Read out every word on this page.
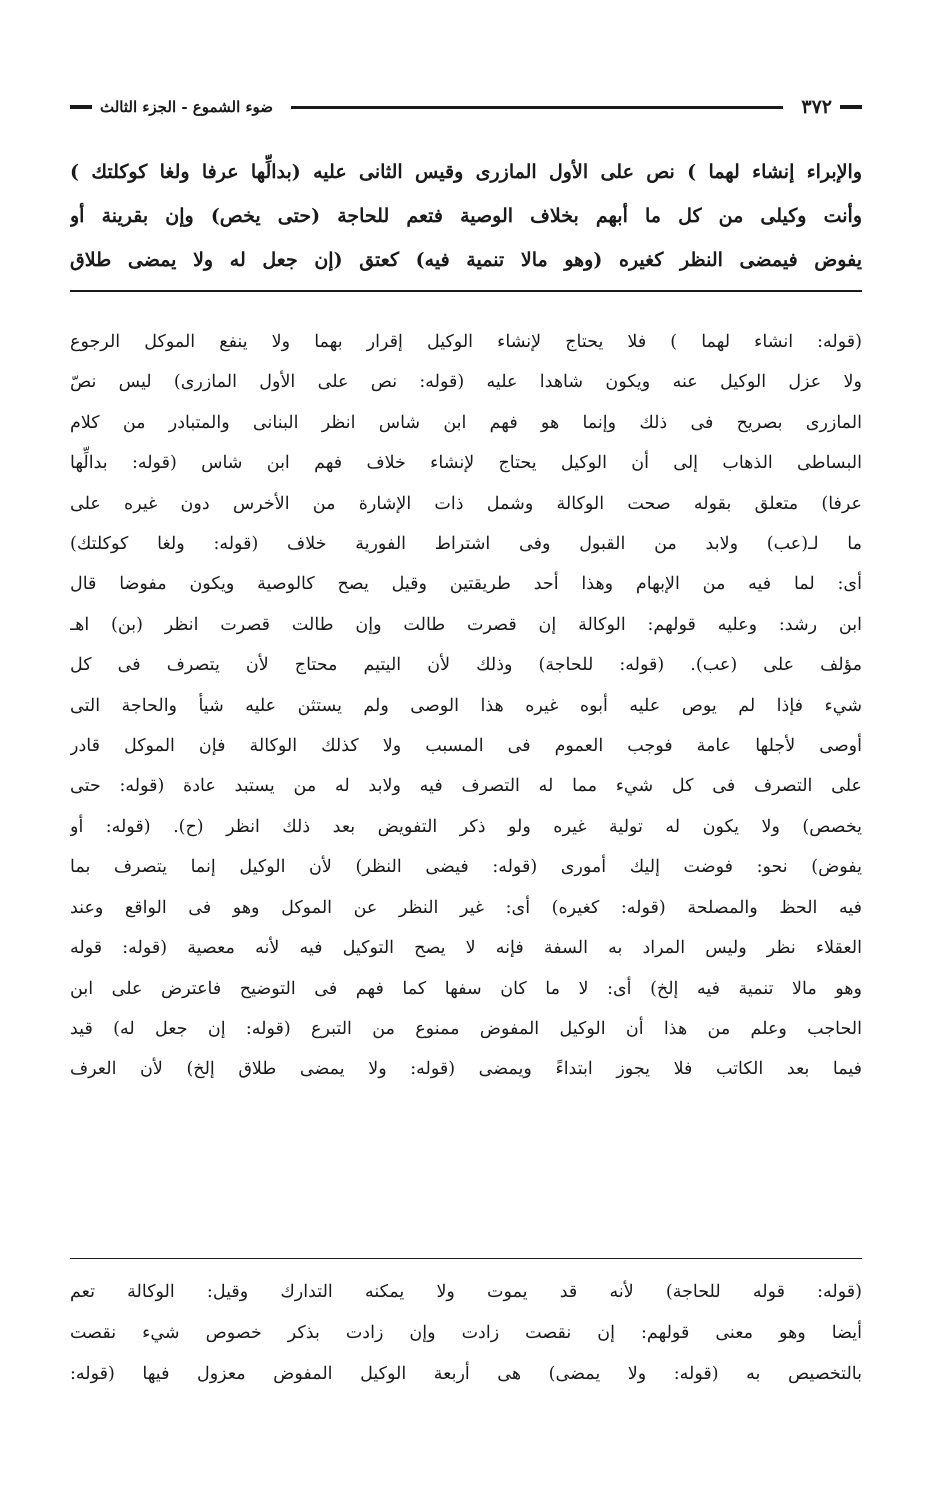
٣٧٢
ضوء الشموع - الجزء الثالث
والإبراء إنشاء لهما ) نص على الأول المازرى وقيس الثانى عليه (بدالِّها عرفا ولغا كوكلتك )
وأنت وكيلى من كل ما أبهم بخلاف الوصية فتعم للحاجة (حتى يخص) وإن بقرينة أو
يفوض فيمضى النظر كغيره (وهو مالا تنمية فيه) كعتق (إن جعل له ولا يمضى طلاق
(قوله: انشاء لهما ) فلا يحتاج لإنشاء الوكيل إقرار بهما ولا ينفع الموكل الرجوع
ولا عزل الوكيل عنه ويكون شاهدا عليه (قوله: نص على الأول المازرى) ليس نصّ
المازرى بصريح فى ذلك وإنما هو فهم ابن شاس انظر البنانى والمتبادر من كلام
البساطى الذهاب إلى أن الوكيل يحتاج لإنشاء خلاف فهم ابن شاس (قوله: بدالِّها
عرفا) متعلق بقوله صحت الوكالة وشمل ذات الإشارة من الأخرس دون غيره على
ما لـ(عب) ولابد من القبول وفى اشتراط الفورية خلاف (قوله: ولغا كوكلتك)
أى: لما فيه من الإبهام وهذا أحد طريقتين وقيل يصح كالوصية ويكون مفوضا قال
ابن رشد: وعليه قولهم: الوكالة إن قصرت طالت وإن طالت قصرت انظر (بن) اهـ
مؤلف على (عب). (قوله: للحاجة) وذلك لأن اليتيم محتاج لأن يتصرف فى كل
شيء فإذا لم يوص عليه أبوه غيره هذا الوصى ولم يستثن عليه شيأ والحاجة التى
أوصى لأجلها عامة فوجب العموم فى المسبب ولا كذلك الوكالة فإن الموكل قادر
على التصرف فى كل شيء مما له التصرف فيه ولابد له من يستبد عادة (قوله: حتى
يخصص) ولا يكون له تولية غيره ولو ذكر التفويض بعد ذلك انظر (ح). (قوله: أو
يفوض) نحو: فوضت إليك أمورى (قوله: فيضى النظر) لأن الوكيل إنما يتصرف بما
فيه الحظ والمصلحة (قوله: كغيره) أى: غير النظر عن الموكل وهو فى الواقع وعند
العقلاء نظر وليس المراد به السفة فإنه لا يصح التوكيل فيه لأنه معصية (قوله: قوله
وهو مالا تنمية فيه إلخ) أى: لا ما كان سفها كما فهم فى التوضيح فاعترض على ابن
الحاجب وعلم من هذا أن الوكيل المفوض ممنوع من التبرع (قوله: إن جعل له) قيد
فيما بعد الكاتب فلا يجوز ابتداءً ويمضى (قوله: ولا يمضى طلاق إلخ) لأن العرف
(قوله: قوله للحاجة) لأنه قد يموت ولا يمكنه التدارك وقيل: الوكالة تعم
أيضا وهو معنى قولهم: إن نقصت زادت وإن زادت بذكر خصوص شيء نقصت
بالتخصيص به (قوله: ولا يمضى) هى أربعة الوكيل المفوض معزول فيها (قوله:
